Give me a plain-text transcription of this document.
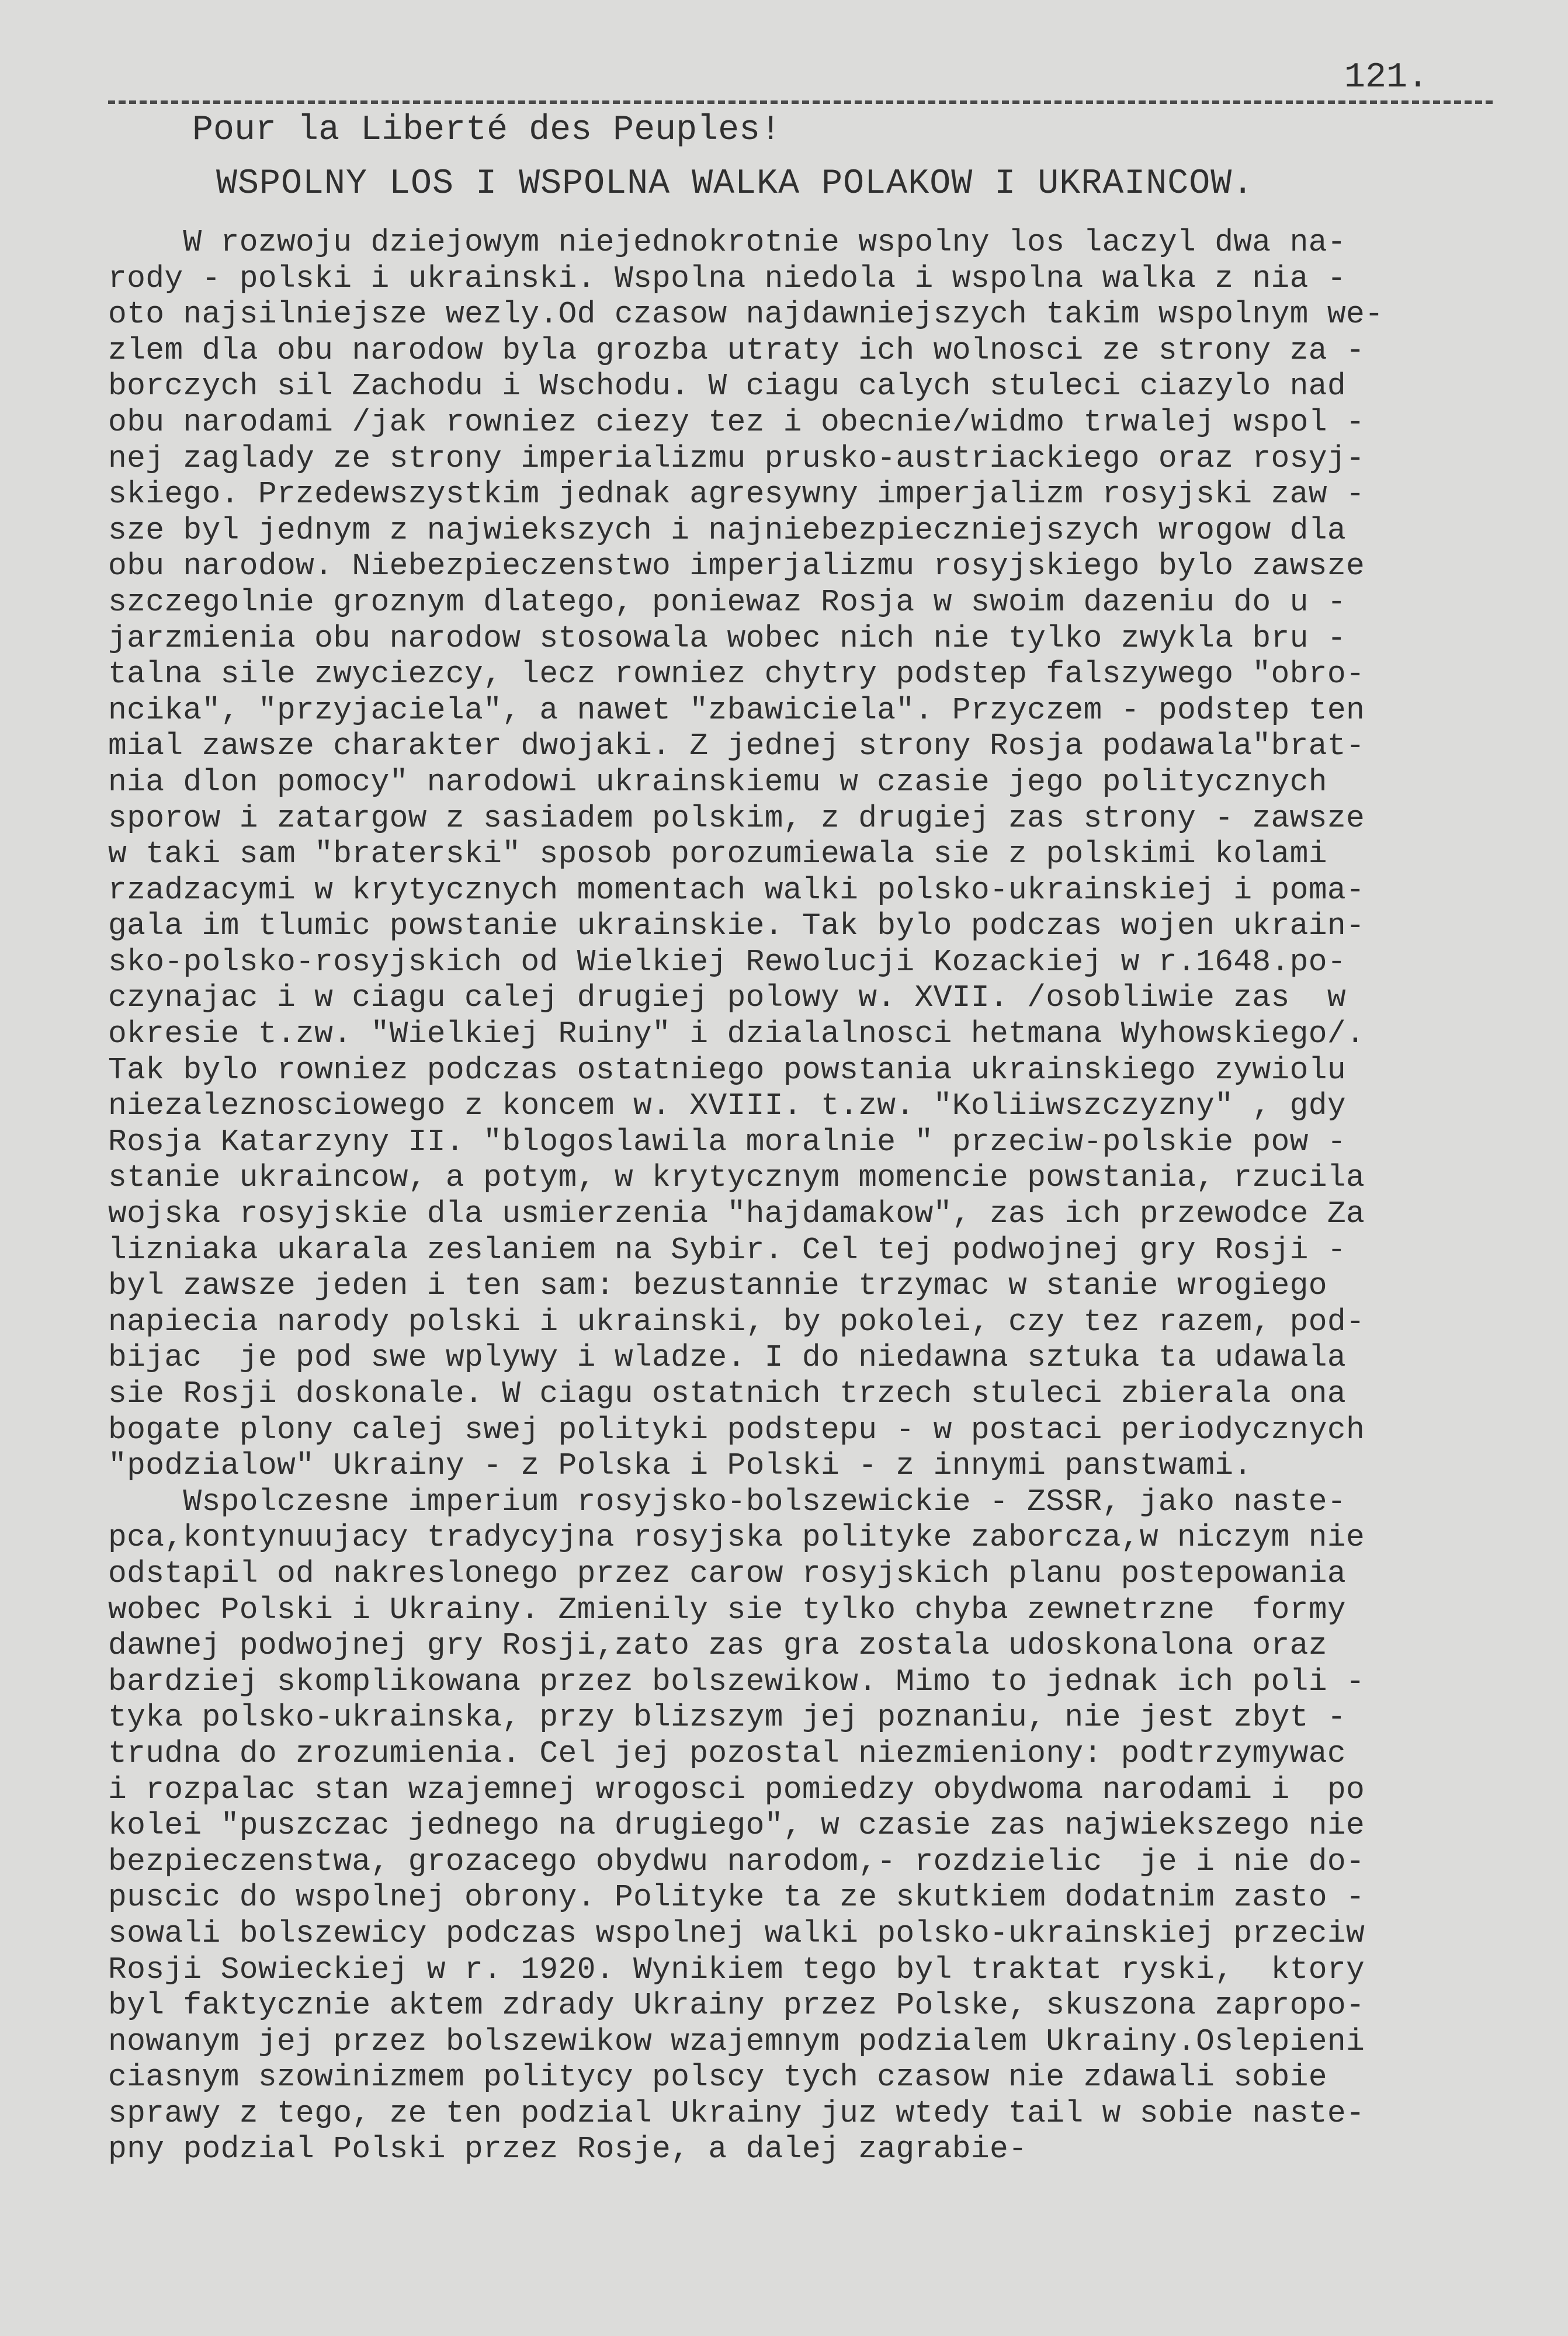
Pour la Liberté des Peuples!

121.

WSPOLNY LOS I WSPOLNA WALKA POLAKOW I UKRAINCOW.
W rozwoju dziejowym niejednokrotnie wspolny los laczyl dwa na-
rody - polski i ukrainski. Wspolna niedola i wspolna walka z nia -
oto najsilniejsze wezly.Od czasow najdawniejszych takim wspolnym we-
zlem dla obu narodow byla grozba utraty ich wolnosci ze strony za -
borczych sil Zachodu i Wschodu. W ciagu calych stuleci ciazylo nad
obu narodami /jak rowniez ciezy tez i obecnie/widmo trwalej wspol -
nej zaglady ze strony imperializmu prusko-austriackiego oraz rosyj-
skiego. Przedewszystkim jednak agresywny imperjalizm rosyjski zaw -
sze byl jednym z najwiekszych i najniebezpieczniejszych wrogow dla
obu narodow. Niebezpieczenstwo imperjalizmu rosyjskiego bylo zawsze
szczegolnie groznym dlatego, poniewaz Rosja w swoim dazeniu do u -
jarzmienia obu narodow stosowala wobec nich nie tylko zwykla bru -
talna sile zwyciezcy, lecz rowniez chytry podstep falszywego "obro-
ncika", "przyjaciela", a nawet "zbawiciela". Przyczem - podstep ten
mial zawsze charakter dwojaki. Z jednej strony Rosja podawala"brat-
nia dlon pomocy" narodowi ukrainskiemu w czasie jego politycznych
sporow i zatargow z sasiadem polskim, z drugiej zas strony - zawsze
w taki sam "braterski" sposob porozumiewala sie z polskimi kolami
rzadzacymi w krytycznych momentach walki polsko-ukrainskiej i poma-
gala im tlumic powstanie ukrainskie. Tak bylo podczas wojen ukrain-
sko-polsko-rosyjskich od Wielkiej Rewolucji Kozackiej w r.1648.po-
czynajac i w ciagu calej drugiej polowy w. XVII. /osobliwie zas  w
okresie t.zw. "Wielkiej Ruiny" i dzialalnosci hetmana Wyhowskiego/.
Tak bylo rowniez podczas ostatniego powstania ukrainskiego zywiolu
niezaleznosciowego z koncem w. XVIII. t.zw. "Koliiwszczyzny" , gdy
Rosja Katarzyny II. "blogoslawila moralnie " przeciw-polskie pow -
stanie ukraincow, a potym, w krytycznym momencie powstania, rzucila
wojska rosyjskie dla usmierzenia "hajdamakow", zas ich przewodce Za
lizniaka ukarala zeslaniem na Sybir. Cel tej podwojnej gry Rosji -
byl zawsze jeden i ten sam: bezustannie trzymac w stanie wrogiego
napiecia narody polski i ukrainski, by pokolei, czy tez razem, pod-
bijac  je pod swe wplywy i wladze. I do niedawna sztuka ta udawala
sie Rosji doskonale. W ciagu ostatnich trzech stuleci zbierala ona
bogate plony calej swej polityki podstepu - w postaci periodycznych
"podzialow" Ukrainy - z Polska i Polski - z innymi panstwami.
Wspolczesne imperium rosyjsko-bolszewickie - ZSSR, jako naste-
pca,kontynuujacy tradycyjna rosyjska polityke zaborcza,w niczym nie
odstapil od nakreslonego przez carow rosyjskich planu postepowania
wobec Polski i Ukrainy. Zmienily sie tylko chyba zewnetrzne  formy
dawnej podwojnej gry Rosji,zato zas gra zostala udoskonalona oraz
bardziej skomplikowana przez bolszewikow. Mimo to jednak ich poli -
tyka polsko-ukrainska, przy blizszym jej poznaniu, nie jest zbyt -
trudna do zrozumienia. Cel jej pozostal niezmieniony: podtrzymywac
i rozpalac stan wzajemnej wrogosci pomiedzy obydwoma narodami i  po
kolei "puszczac jednego na drugiego", w czasie zas najwiekszego nie
bezpieczenstwa, grozacego obydwu narodom,- rozdzielic  je i nie do-
puscic do wspolnej obrony. Polityke ta ze skutkiem dodatnim zasto -
sowali bolszewicy podczas wspolnej walki polsko-ukrainskiej przeciw
Rosji Sowieckiej w r. 1920. Wynikiem tego byl traktat ryski,  ktory
byl faktycznie aktem zdrady Ukrainy przez Polske, skuszona zapropo-
nowanym jej przez bolszewikow wzajemnym podzialem Ukrainy.Oslepieni
ciasnym szowinizmem politycy polscy tych czasow nie zdawali sobie
sprawy z tego, ze ten podzial Ukrainy juz wtedy tail w sobie naste-
pny podzial Polski przez Rosje, a dalej zagrabie-
